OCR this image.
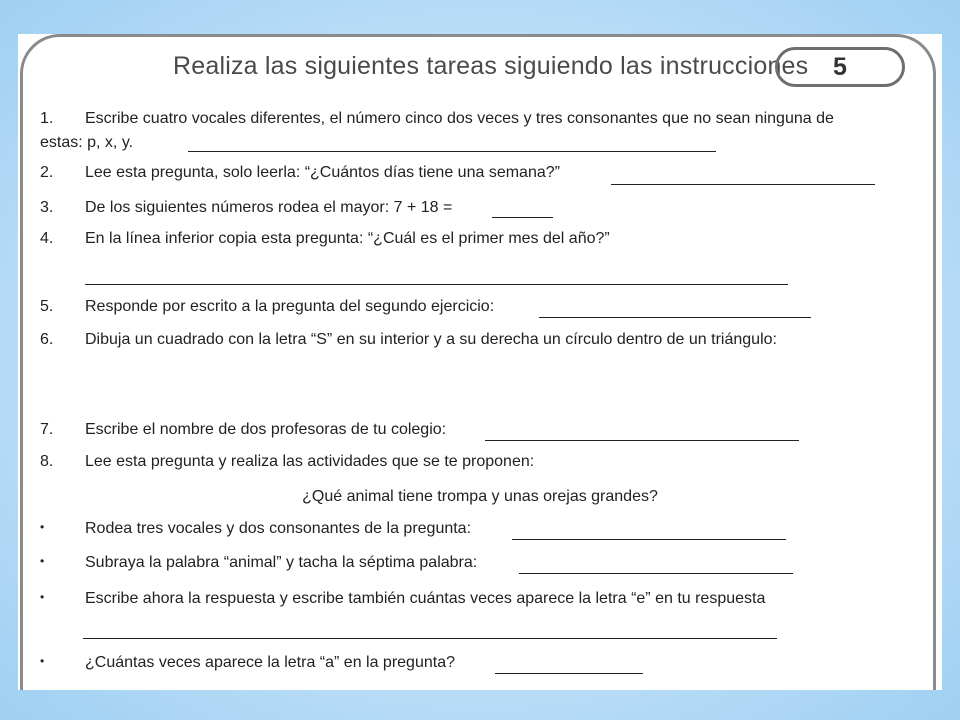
Realiza las siguientes tareas siguiendo las instrucciones 5
1. Escribe cuatro vocales diferentes, el número cinco dos veces y tres consonantes que no sean ninguna de
estas: p, x, y.
2. Lee esta pregunta, solo leerla: “¿Cuántos días tiene una semana?”
3. De los siguientes números rodea el mayor: 7 + 18 =
4. En la línea inferior copia esta pregunta: “¿Cuál es el primer mes del año?”
5. Responde por escrito a la pregunta del segundo ejercicio:
6. Dibuja un cuadrado con la letra “S” en su interior y a su derecha un círculo dentro de un triángulo:
7. Escribe el nombre de dos profesoras de tu colegio:
8. Lee esta pregunta y realiza las actividades que se te proponen:
¿Qué animal tiene trompa y unas orejas grandes?
•	Rodea tres vocales y dos consonantes de la pregunta:
•	Subraya la palabra “animal” y tacha la séptima palabra:
•	Escribe ahora la respuesta y escribe también cuántas veces aparece la letra “e” en tu respuesta
•	¿Cuántas veces aparece la letra “a” en la pregunta?
